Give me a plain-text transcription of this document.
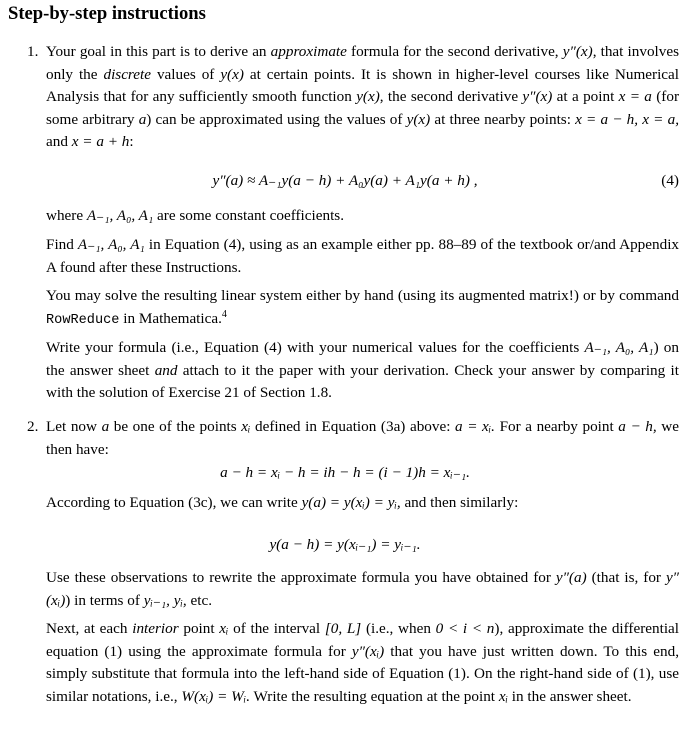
Step-by-step instructions
1. Your goal in this part is to derive an approximate formula for the second derivative, y″(x), that involves only the discrete values of y(x) at certain points. It is shown in higher-level courses like Numerical Analysis that for any sufficiently smooth function y(x), the second derivative y″(x) at a point x = a (for some arbitrary a) can be approximated using the values of y(x) at three nearby points: x = a − h, x = a, and x = a + h:
y″(a) ≈ A₋₁y(a − h) + A₀y(a) + A₁y(a + h) ,	(4)
where A₋₁, A₀, A₁ are some constant coefficients.
Find A₋₁, A₀, A₁ in Equation (4), using as an example either pp. 88–89 of the textbook or/and Appendix A found after these Instructions.
You may solve the resulting linear system either by hand (using its augmented matrix!) or by command RowReduce in Mathematica.$^4$
Write your formula (i.e., Equation (4) with your numerical values for the coefficients A₋₁, A₀, A₁) on the answer sheet and attach to it the paper with your derivation. Check your answer by comparing it with the solution of Exercise 21 of Section 1.8.
2. Let now a be one of the points xᵢ defined in Equation (3a) above: a = xᵢ. For a nearby point a − h, we then have:
a − h = xᵢ − h = ih − h = (i − 1)h = xᵢ₋₁.
According to Equation (3c), we can write y(a) = y(xᵢ) = yᵢ, and then similarly:
y(a − h) = y(xᵢ₋₁) = yᵢ₋₁.
Use these observations to rewrite the approximate formula you have obtained for y″(a) (that is, for y″(xᵢ)) in terms of yᵢ₋₁, yᵢ, etc.
Next, at each interior point xᵢ of the interval [0, L] (i.e., when 0 < i < n), approximate the differential equation (1) using the approximate formula for y″(xᵢ) that you have just written down. To this end, simply substitute that formula into the left-hand side of Equation (1). On the right-hand side of (1), use similar notations, i.e., W(xᵢ) = Wᵢ. Write the resulting equation at the point xᵢ in the answer sheet.
